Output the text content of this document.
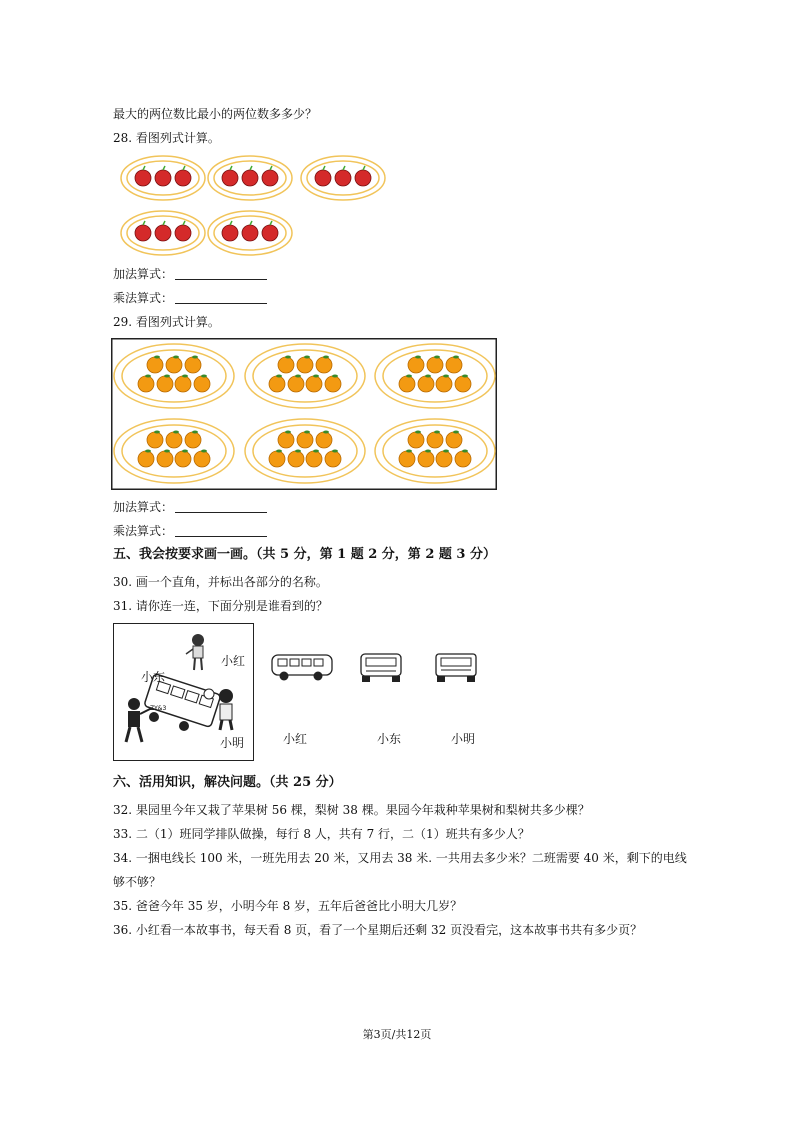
最大的两位数比最小的两位数多多少？
28. 看图列式计算。
加法算式：
乘法算式：
29. 看图列式计算。
加法算式：
乘法算式：
五、我会按要求画一画。（共 5 分，第 1 题 2 分，第 2 题 3 分）
30. 画一个直角，并标出各部分的名称。
31. 请你连一连，下面分别是谁看到的？
ZY&3
小东
小红
小明	小红	小东	小明
六、活用知识，解决问题。（共 25 分）
32. 果园里今年又栽了苹果树 56 棵，梨树 38 棵。果园今年栽种苹果树和梨树共多少棵？
33. 二（1）班同学排队做操，每行 8 人，共有 7 行，二（1）班共有多少人？
34. 一捆电线长 100 米，一班先用去 20 米，又用去 38 米. 一共用去多少米？二班需要 40 米，剩下的电线
够不够？
35. 爸爸今年 35 岁，小明今年 8 岁，五年后爸爸比小明大几岁？
36. 小红看一本故事书，每天看 8 页，看了一个星期后还剩 32 页没看完，这本故事书共有多少页？
第3页/共12页
